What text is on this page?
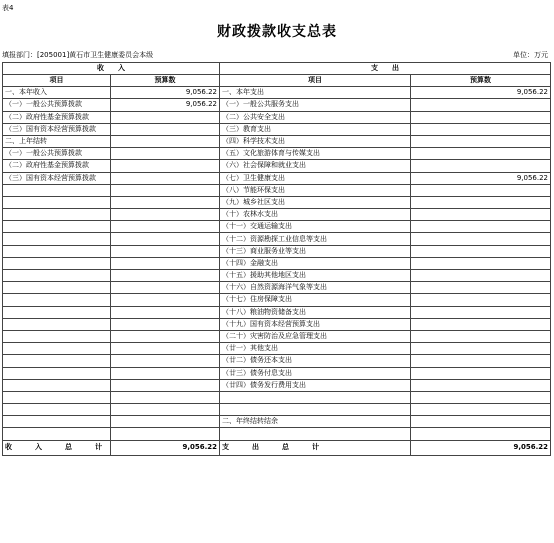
表4
财政拨款收支总表
填报部门：[205001]黄石市卫生健康委员会本级	单位：万元
收　　入		支　　出	
项目	预算数	项目	预算数
一、本年收入	9,056.22	一、本年支出	9,056.22
（一）一般公共预算拨款	9,056.22	（一）一般公共服务支出	
（二）政府性基金预算拨款		（二）公共安全支出	
（三）国有资本经营预算拨款		（三）教育支出	
二、上年结转		（四）科学技术支出	
（一）一般公共预算拨款		（五）文化旅游体育与传媒支出	
（二）政府性基金预算拨款		（六）社会保障和就业支出	
（三）国有资本经营预算拨款		（七）卫生健康支出	9,056.22
		（八）节能环保支出	
		（九）城乡社区支出	
		（十）农林水支出	
		（十一）交通运输支出	
		（十二）资源勘探工业信息等支出	
		（十三）商业服务业等支出	
		（十四）金融支出	
		（十五）援助其他地区支出	
		（十六）自然资源海洋气象等支出	
		（十七）住房保障支出	
		（十八）粮油物资储备支出	
		（十九）国有资本经营预算支出	
		（二十）灾害防治及应急管理支出	
		（廿一）其他支出	
		（廿二）债务还本支出	
		（廿三）债务付息支出	
		（廿四）债务发行费用支出	

		二、年终结转结余	

收　入　总　计	9,056.22	支　出　总　计	9,056.22
